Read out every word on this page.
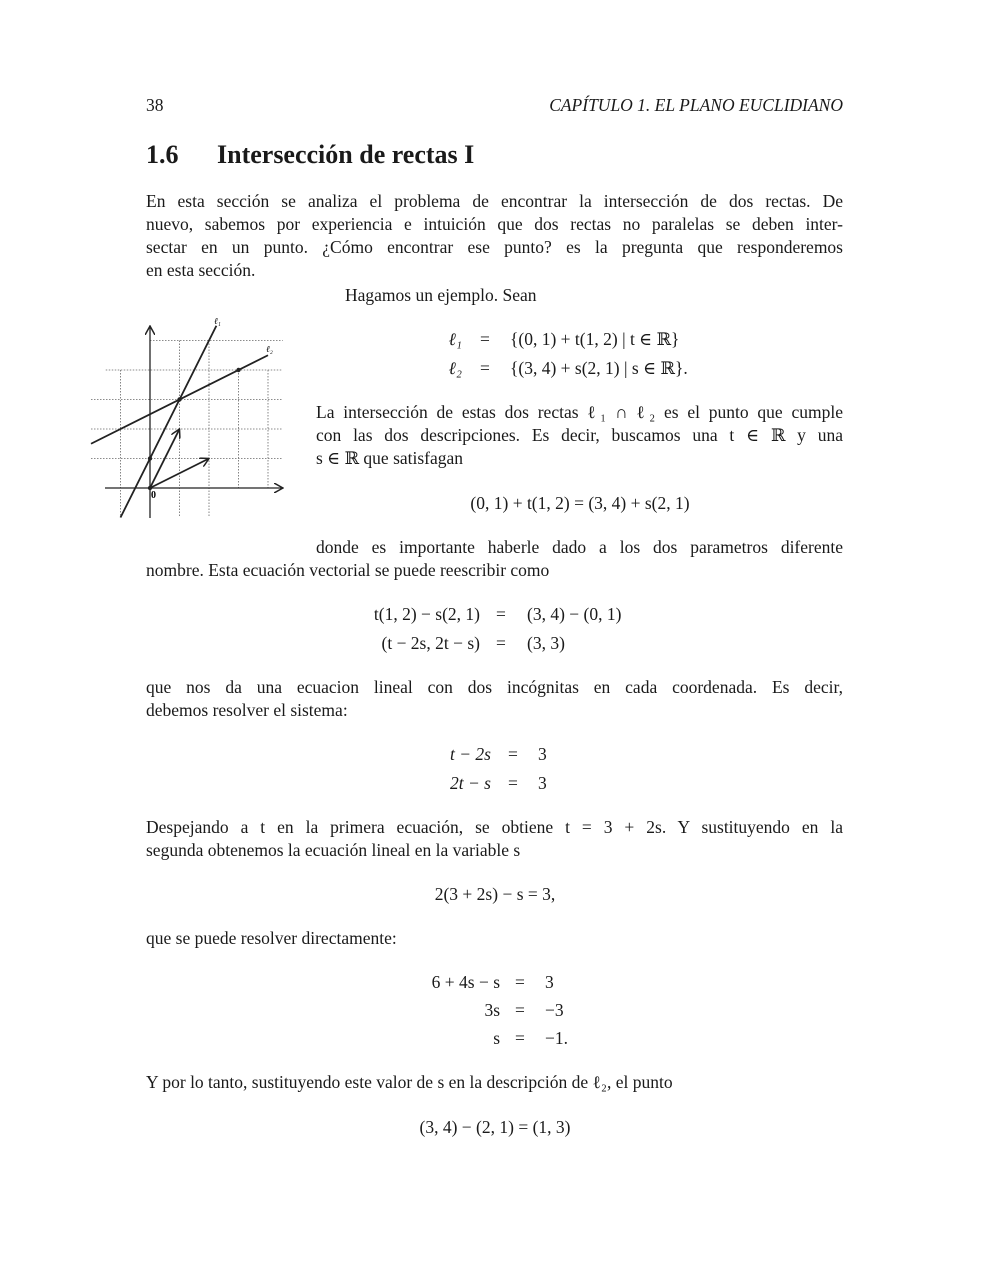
38	CAPÍTULO 1. EL PLANO EUCLIDIANO
1.6 Intersección de rectas I
En esta sección se analiza el problema de encontrar la intersección de dos rectas. De
nuevo, sabemos por experiencia e intuición que dos rectas no paralelas se deben inter-
sectar en un punto. ¿Cómo encontrar ese punto? es la pregunta que responderemos
en esta sección.
Hagamos un ejemplo. Sean
ℓ₁ = {(0, 1) + t(1, 2) | t ∈ ℝ}
ℓ₂ = {(3, 4) + s(2, 1) | s ∈ ℝ}.
La intersección de estas dos rectas ℓ₁ ∩ ℓ₂ es el punto que cumple
con las dos descripciones. Es decir, buscamos una t ∈ ℝ y una
s ∈ ℝ que satisfagan
(0, 1) + t(1, 2) = (3, 4) + s(2, 1)
donde es importante haberle dado a los dos parametros diferente
nombre. Esta ecuación vectorial se puede reescribir como
t(1, 2) − s(2, 1) = (3, 4) − (0, 1)
(t − 2s, 2t − s) = (3, 3)
que nos da una ecuacion lineal con dos incógnitas en cada coordenada. Es decir,
debemos resolver el sistema:
t − 2s = 3
2t − s = 3
Despejando a t en la primera ecuación, se obtiene t = 3 + 2s. Y sustituyendo en la
segunda obtenemos la ecuación lineal en la variable s
2(3 + 2s) − s = 3,
que se puede resolver directamente:
6 + 4s − s = 3
3s = −3
s = −1.
Y por lo tanto, sustituyendo este valor de s en la descripción de ℓ₂, el punto
(3, 4) − (2, 1) = (1, 3)
ℓ₁
ℓ₂
0
